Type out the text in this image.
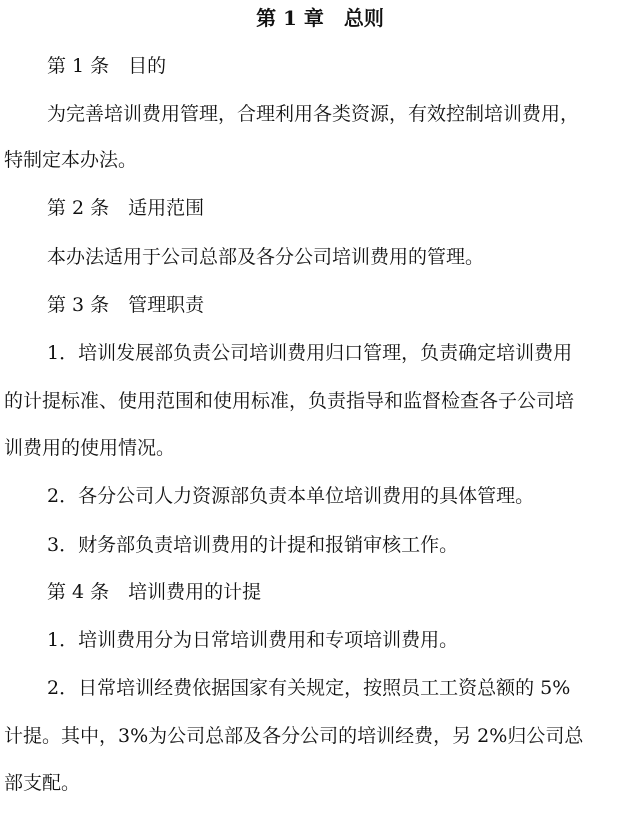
第 1 章　总则
第 1 条　目的
为完善培训费用管理，合理利用各类资源，有效控制培训费用，
特制定本办法。
第 2 条　适用范围
本办法适用于公司总部及各分公司培训费用的管理。
第 3 条　管理职责
1．培训发展部负责公司培训费用归口管理，负责确定培训费用
的计提标准、使用范围和使用标准，负责指导和监督检查各子公司培
训费用的使用情况。
2．各分公司人力资源部负责本单位培训费用的具体管理。
3．财务部负责培训费用的计提和报销审核工作。
第 4 条　培训费用的计提
1．培训费用分为日常培训费用和专项培训费用。
2．日常培训经费依据国家有关规定，按照员工工资总额的 5%
计提。其中，3%为公司总部及各分公司的培训经费，另 2%归公司总
部支配。
